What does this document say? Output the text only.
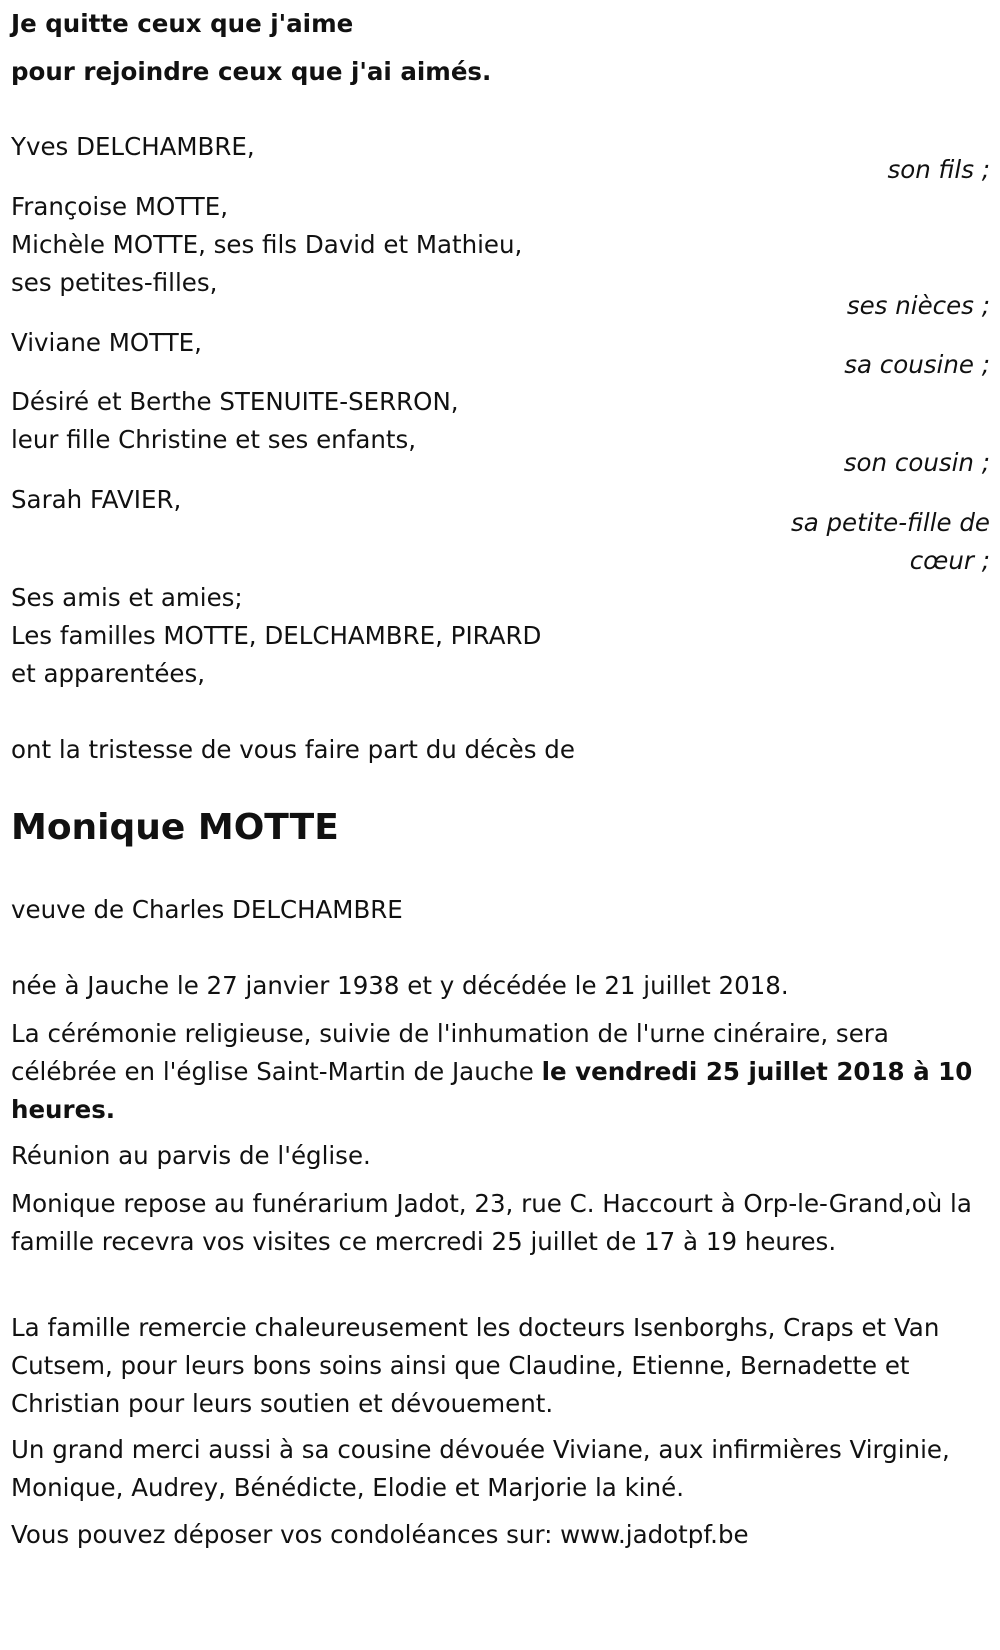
Je quitte ceux que j'aime
pour rejoindre ceux que j'ai aimés.
Yves DELCHAMBRE,
son fils ;
Françoise MOTTE,
Michèle MOTTE, ses fils David et Mathieu,
ses petites-filles,
ses nièces ;
Viviane MOTTE,
sa cousine ;
Désiré et Berthe STENUITE-SERRON,
leur fille Christine et ses enfants,
son cousin ;
Sarah FAVIER,
sa petite-fille de
cœur ;
Ses amis et amies;
Les familles MOTTE, DELCHAMBRE, PIRARD
et apparentées,
ont la tristesse de vous faire part du décès de
Monique MOTTE
veuve de Charles DELCHAMBRE
née à Jauche le 27 janvier 1938 et y décédée le 21 juillet 2018.
La cérémonie religieuse, suivie de l'inhumation de l'urne cinéraire, sera célébrée en l'église Saint-Martin de Jauche le vendredi 25 juillet 2018 à 10 heures.
Réunion au parvis de l'église.
Monique repose au funérarium Jadot, 23, rue C. Haccourt à Orp-le-Grand,où la famille recevra vos visites ce mercredi 25 juillet de 17 à 19 heures.
La famille remercie chaleureusement les docteurs Isenborghs, Craps et Van Cutsem, pour leurs bons soins ainsi que Claudine, Etienne, Bernadette et Christian pour leurs soutien et dévouement.
Un grand merci aussi à sa cousine dévouée Viviane, aux infirmières Virginie, Monique, Audrey, Bénédicte, Elodie et Marjorie la kiné.
Vous pouvez déposer vos condoléances sur: www.jadotpf.be
